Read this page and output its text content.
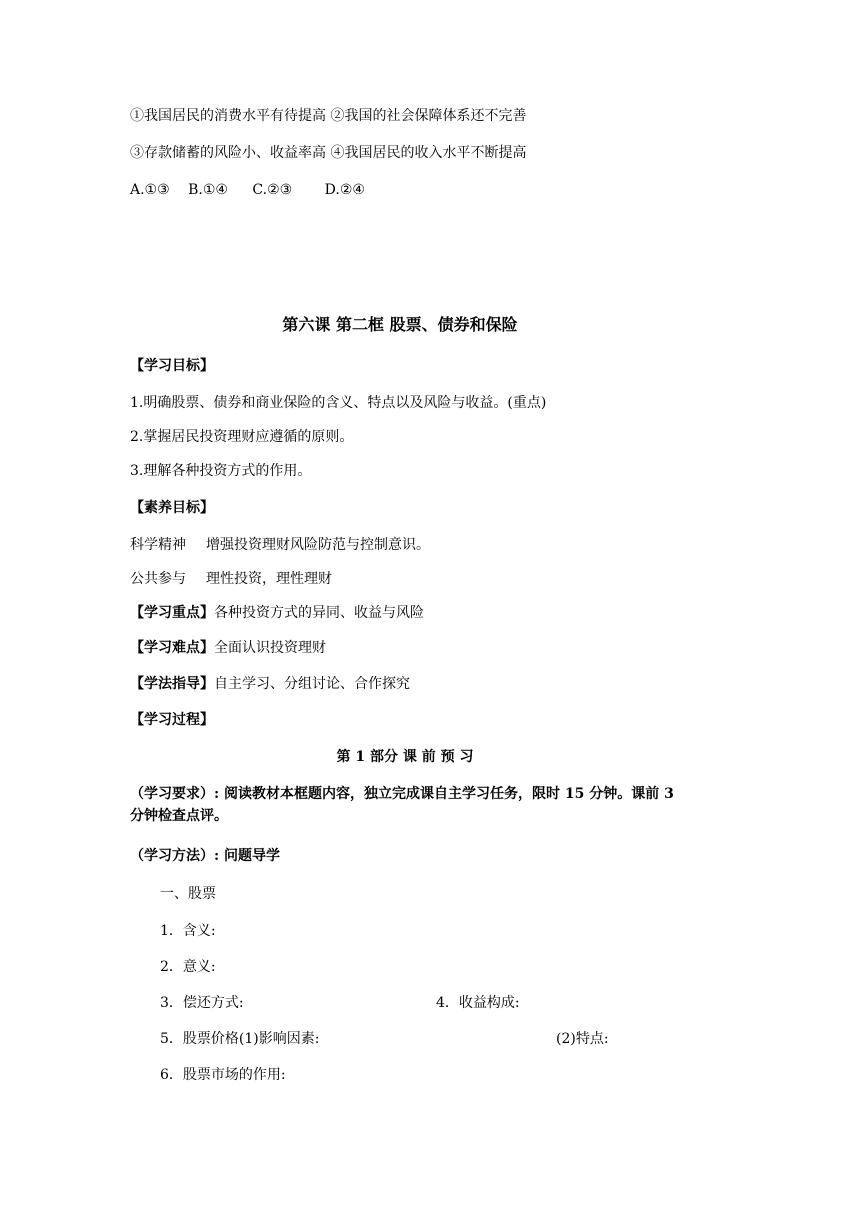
①我国居民的消费水平有待提高 ②我国的社会保障体系还不完善
③存款储蓄的风险小、收益率高 ④我国居民的收入水平不断提高
A.①③ B.①④ C.②③ D.②④
第六课 第二框 股票、债券和保险
【学习目标】
1.明确股票、债券和商业保险的含义、特点以及风险与收益。(重点)
2.掌握居民投资理财应遵循的原则。
3.理解各种投资方式的作用。
【素养目标】
科学精神 增强投资理财风险防范与控制意识。
公共参与 理性投资，理性理财
【学习重点】各种投资方式的异同、收益与风险
【学习难点】全面认识投资理财
【学法指导】自主学习、分组讨论、合作探究
【学习过程】
第 1 部分 课 前 预 习
（学习要求）: 阅读教材本框题内容，独立完成课自主学习任务，限时 15 分钟。课前 3
分钟检查点评。
（学习方法）: 问题导学
一、股票
1．含义:
2．意义:
3．偿还方式:	4．收益构成:
5．股票价格(1)影响因素:	(2)特点:
6．股票市场的作用:
